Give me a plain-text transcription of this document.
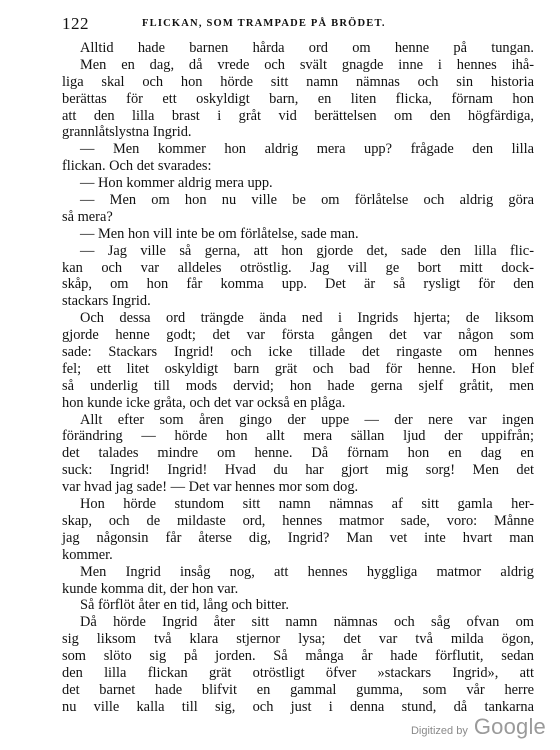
122	FLICKAN, SOM TRAMPADE PÅ BRÖDET.
Alltid hade barnen hårda ord om henne på tungan.
Men en dag, då vrede och svält gnagde inne i hennes ihå-
liga skal och hon hörde sitt namn nämnas och sin historia
berättas för ett oskyldigt barn, en liten flicka, förnam hon
att den lilla brast i gråt vid berättelsen om den högfärdiga,
grannlåtslystna Ingrid.
— Men kommer hon aldrig mera upp? frågade den lilla
flickan. Och det svarades:
— Hon kommer aldrig mera upp.
— Men om hon nu ville be om förlåtelse och aldrig göra
så mera?
— Men hon vill inte be om förlåtelse, sade man.
— Jag ville så gerna, att hon gjorde det, sade den lilla flic-
kan och var alldeles otröstlig. Jag vill ge bort mitt dock-
skåp, om hon får komma upp. Det är så rysligt för den
stackars Ingrid.
Och dessa ord trängde ända ned i Ingrids hjerta; de liksom
gjorde henne godt; det var första gången det var någon som
sade: Stackars Ingrid! och icke tillade det ringaste om hennes
fel; ett litet oskyldigt barn grät och bad för henne. Hon blef
så underlig till mods dervid; hon hade gerna sjelf gråtit, men
hon kunde icke gråta, och det var också en plåga.
Allt efter som åren gingo der uppe — der nere var ingen
förändring — hörde hon allt mera sällan ljud der uppifrån;
det talades mindre om henne. Då förnam hon en dag en
suck: Ingrid! Ingrid! Hvad du har gjort mig sorg! Men det
var hvad jag sade! — Det var hennes mor som dog.
Hon hörde stundom sitt namn nämnas af sitt gamla her-
skap, och de mildaste ord, hennes matmor sade, voro: Månne
jag någonsin får återse dig, Ingrid? Man vet inte hvart man
kommer.
Men Ingrid insåg nog, att hennes hyggliga matmor aldrig
kunde komma dit, der hon var.
Så förflöt åter en tid, lång och bitter.
Då hörde Ingrid åter sitt namn nämnas och såg ofvan om
sig liksom två klara stjernor lysa; det var två milda ögon,
som slöto sig på jorden. Så många år hade förflutit, sedan
den lilla flickan grät otröstligt öfver »stackars Ingrid», att
det barnet hade blifvit en gammal gumma, som vår herre
nu ville kalla till sig, och just i denna stund, då tankarna
Digitized by Google
